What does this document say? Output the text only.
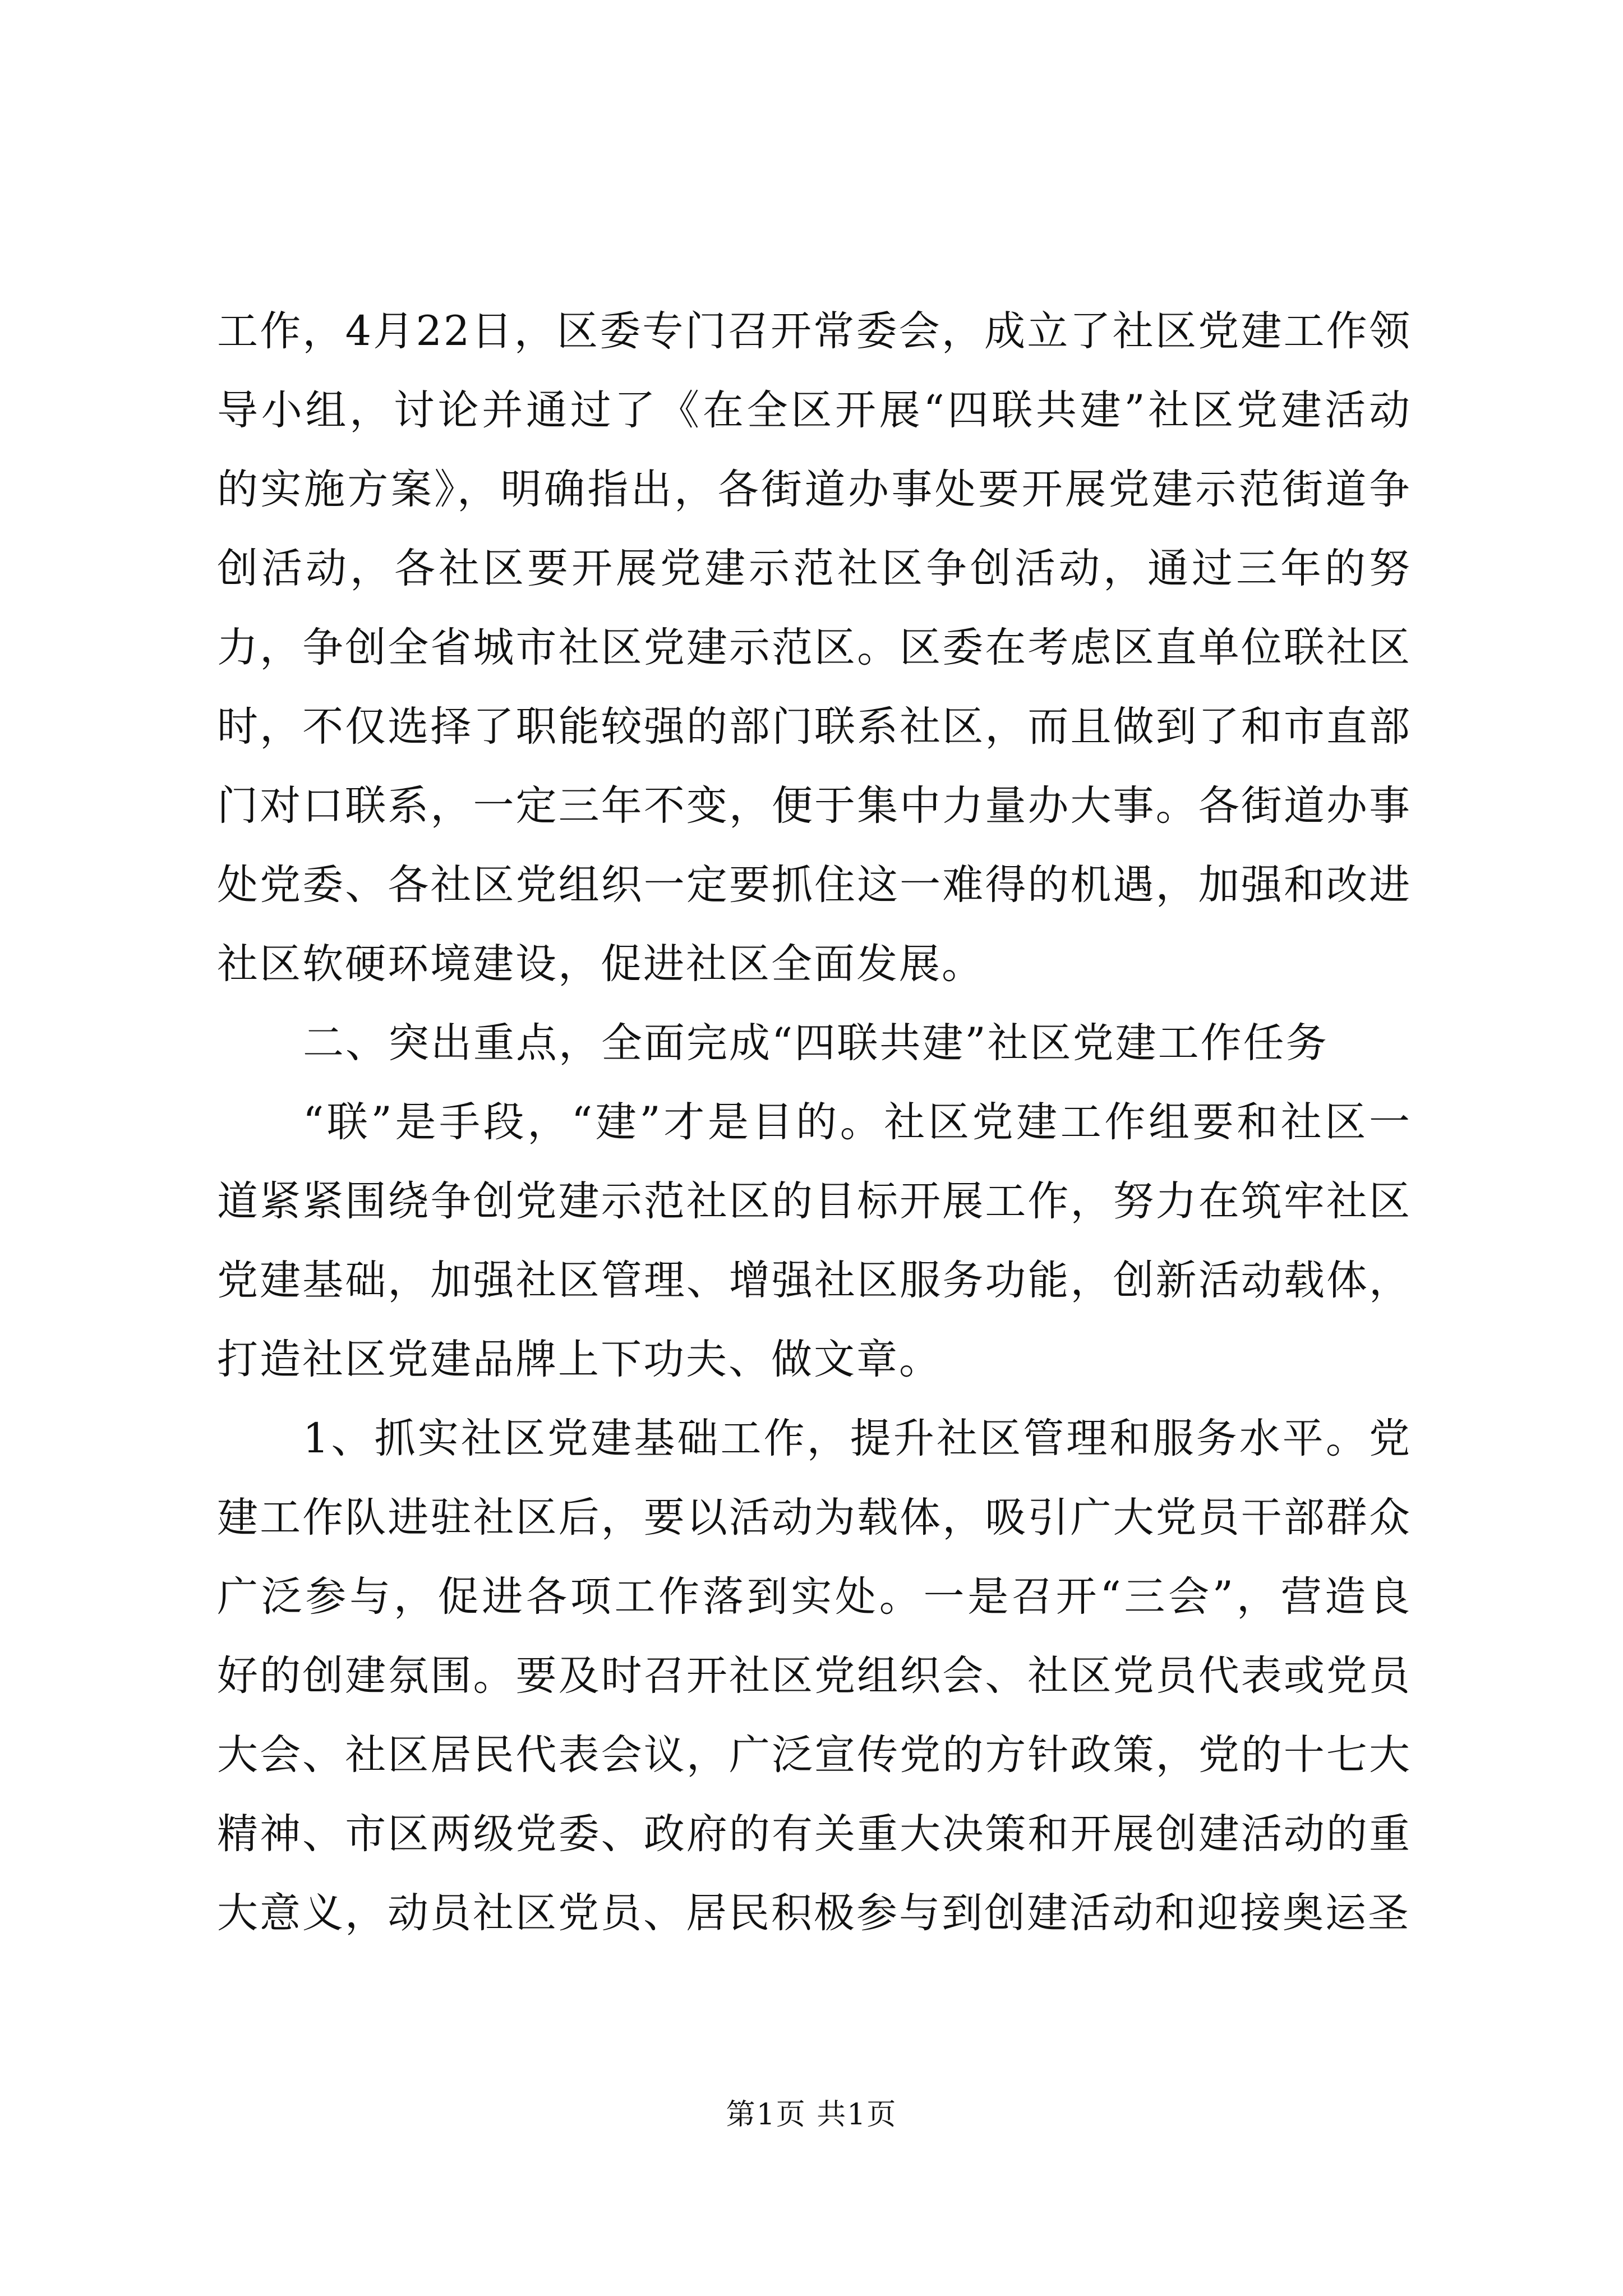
工作，4月22日，区委专门召开常委会，成立了社区党建工作领导小组，讨论并通过了《在全区开展“四联共建”社区党建活动的实施方案》，明确指出，各街道办事处要开展党建示范街道争创活动，各社区要开展党建示范社区争创活动，通过三年的努力，争创全省城市社区党建示范区。区委在考虑区直单位联社区时，不仅选择了职能较强的部门联系社区，而且做到了和市直部门对口联系，一定三年不变，便于集中力量办大事。各街道办事处党委、各社区党组织一定要抓住这一难得的机遇，加强和改进社区软硬环境建设，促进社区全面发展。

二、突出重点，全面完成“四联共建”社区党建工作任务

“联”是手段，“建”才是目的。社区党建工作组要和社区一道紧紧围绕争创党建示范社区的目标开展工作，努力在筑牢社区党建基础，加强社区管理、增强社区服务功能，创新活动载体，打造社区党建品牌上下功夫、做文章。

1、抓实社区党建基础工作，提升社区管理和服务水平。党建工作队进驻社区后，要以活动为载体，吸引广大党员干部群众广泛参与，促进各项工作落到实处。一是召开“三会”，营造良好的创建氛围。要及时召开社区党组织会、社区党员代表或党员大会、社区居民代表会议，广泛宣传党的方针政策，党的十七大精神、市区两级党委、政府的有关重大决策和开展创建活动的重大意义，动员社区党员、居民积极参与到创建活动和迎接奥运圣

第1页 共1页
